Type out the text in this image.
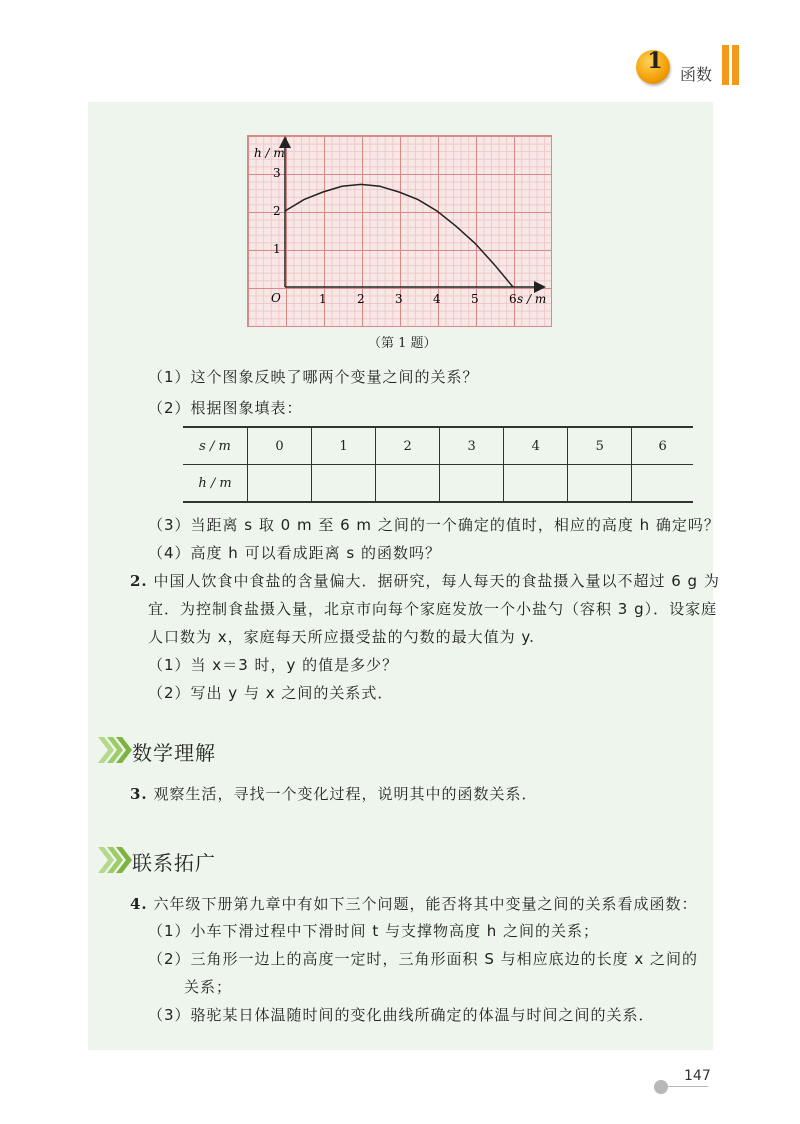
1
函数
1	2	3	4	5	6
1
2
3
h / m
s / m
O
（第 1 题）
（1）这个图象反映了哪两个变量之间的关系？
（2）根据图象填表：
s / m	0	1	2	3	4	5	6
h / m							
（3）当距离 s 取 0 m 至 6 m 之间的一个确定的值时，相应的高度 h 确定吗？
（4）高度 h 可以看成距离 s 的函数吗？
2. 中国人饮食中食盐的含量偏大．据研究，每人每天的食盐摄入量以不超过 6 g 为
宜．为控制食盐摄入量，北京市向每个家庭发放一个小盐勺（容积 3 g）．设家庭
人口数为 x，家庭每天所应摄受盐的勺数的最大值为 y.
（1）当 x＝3 时，y 的值是多少？
（2）写出 y 与 x 之间的关系式．
数学理解
3. 观察生活，寻找一个变化过程，说明其中的函数关系．
联系拓广
4. 六年级下册第九章中有如下三个问题，能否将其中变量之间的关系看成函数：
（1）小车下滑过程中下滑时间 t 与支撑物高度 h 之间的关系；
（2）三角形一边上的高度一定时，三角形面积 S 与相应底边的长度 x 之间的
关系；
（3）骆驼某日体温随时间的变化曲线所确定的体温与时间之间的关系．
147
